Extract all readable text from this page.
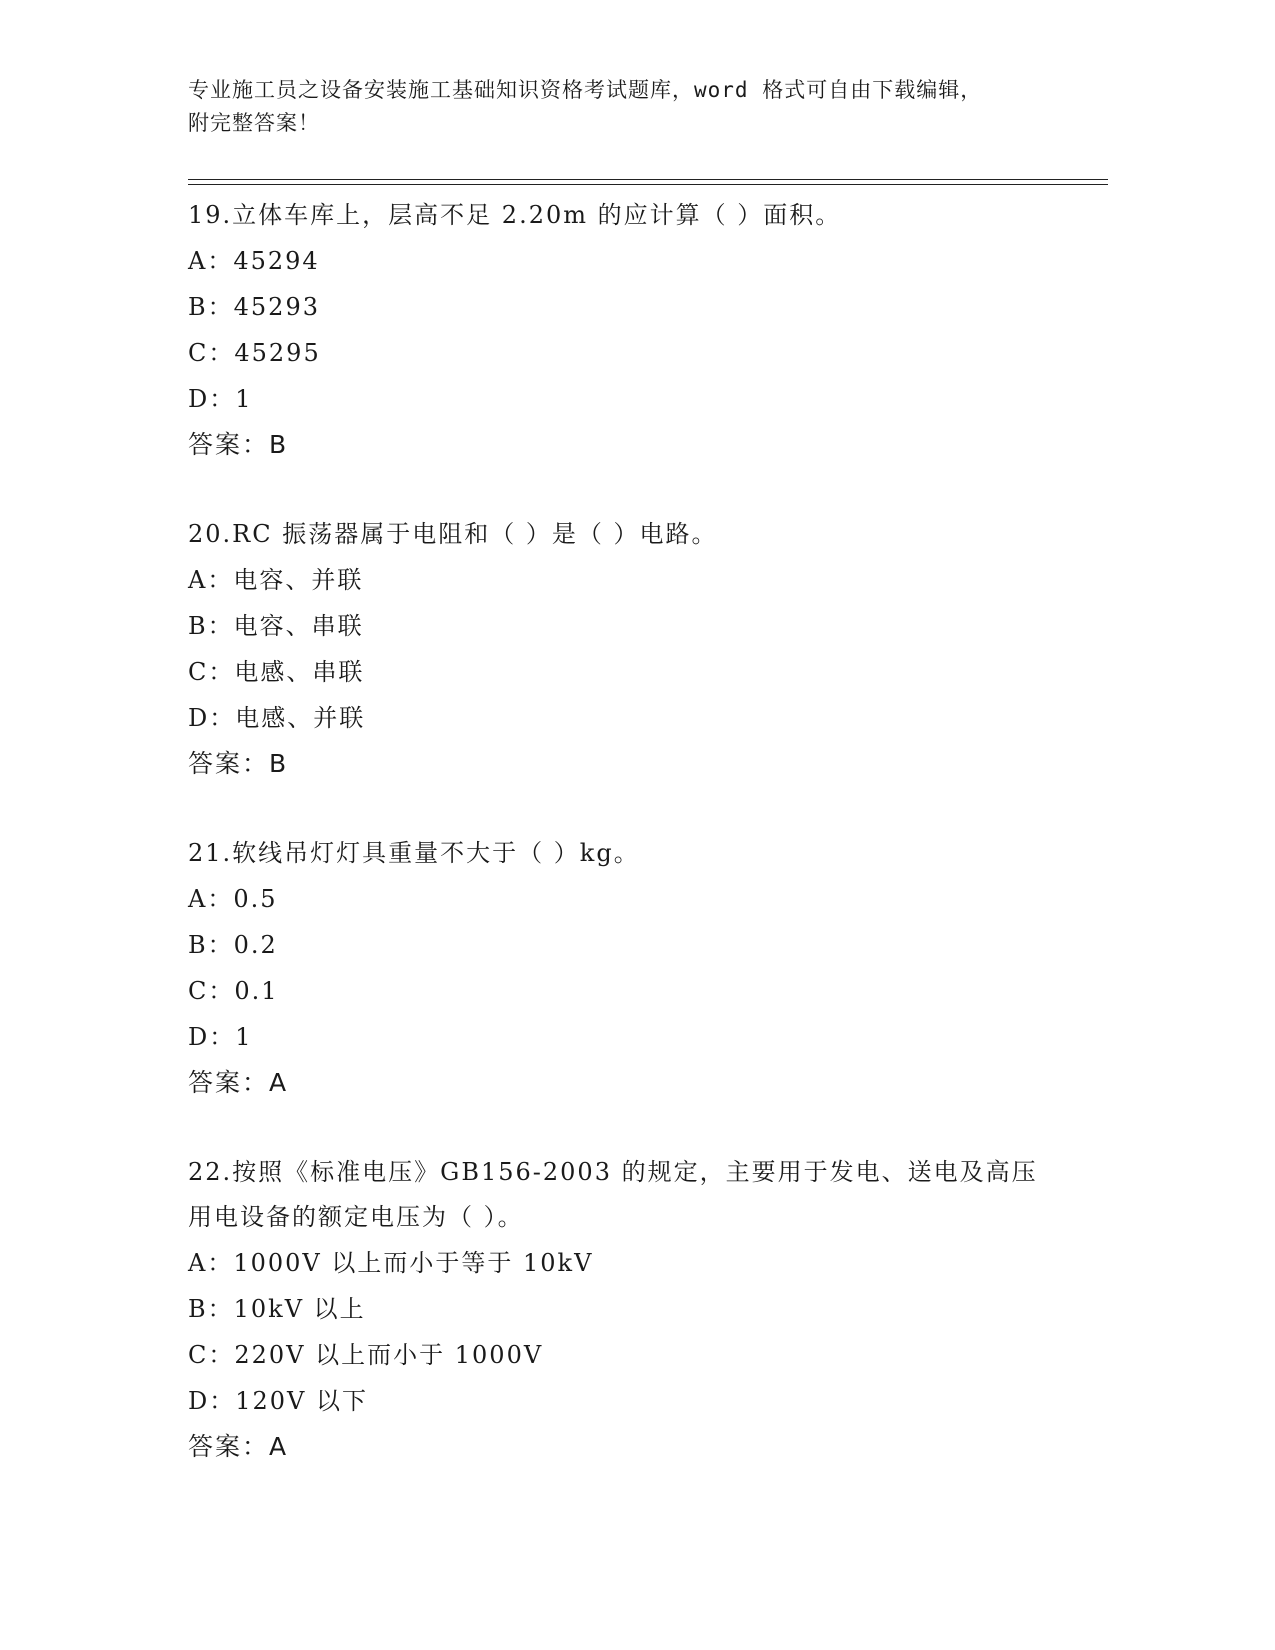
专业施工员之设备安装施工基础知识资格考试题库，word 格式可自由下载编辑，
附完整答案！
19.立体车库上，层高不足 2.20m 的应计算（ ）面积。
A：45294
B：45293
C：45295
D：1
答案：B
20.RC 振荡器属于电阻和（ ）是（ ）电路。
A：电容、并联
B：电容、串联
C：电感、串联
D：电感、并联
答案：B
21.软线吊灯灯具重量不大于（ ）kg。
A：0.5
B：0.2
C：0.1
D：1
答案：A
22.按照《标准电压》GB156-2003 的规定，主要用于发电、送电及高压
用电设备的额定电压为（ ）。
A：1000V 以上而小于等于 10kV
B：10kV 以上
C：220V 以上而小于 1000V
D：120V 以下
答案：A
